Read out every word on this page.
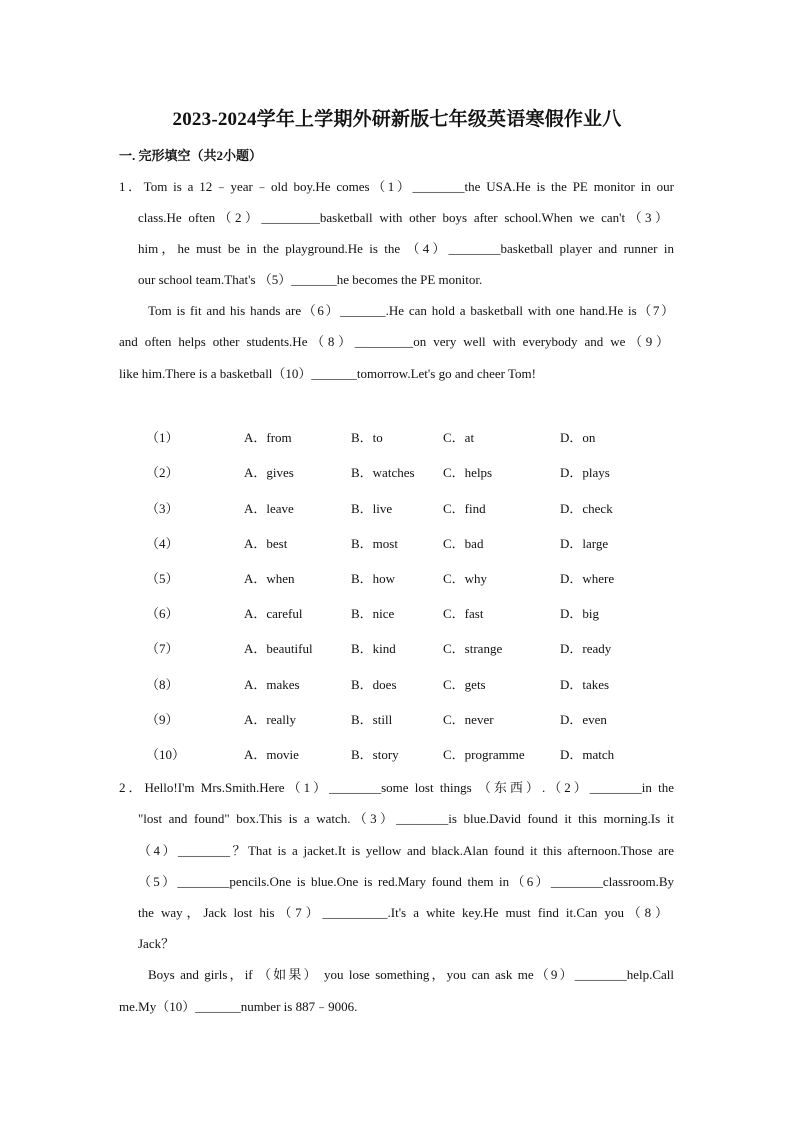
2023-2024学年上学期外研新版七年级英语寒假作业八
一. 完形填空（共2小题）
1．Tom is a 12﹣year﹣old boy.He comes（1）________the USA.He is the PE monitor in our
class.He often（2）_________basketball with other boys after school.When we can't（3）
him，he must be in the playground.He is the （4）________basketball player and runner in
our school team.That's （5）_______he becomes the PE monitor.
Tom is fit and his hands are（6）_______.He can hold a basketball with one hand.He is（7）
and often helps other students.He（8）_________on very well with everybody and we（9）
like him.There is a basketball（10）_______tomorrow.Let's go and cheer Tom!
（1）	A．from	B．to	C．at	D．on
（2）	A．gives	B．watches C．helps	D．plays
（3）	A．leave	B．live	C．find	D．check
（4）	A．best	B．most	C．bad	D．large
（5）	A．when	B．how	C．why	D．where
（6）	A．careful	B．nice	C．fast	D．big
（7）	A．beautiful	B．kind	C．strange	D．ready
（8）	A．makes	B．does	C．gets	D．takes
（9）	A．really	B．still	C．never	D．even
（10）	A．movie	B．story	C．programme	D．match
2．Hello!I'm Mrs.Smith.Here（1）________some lost things （东西）.（2）________in the
"lost and found" box.This is a watch.（3）________is blue.David found it this morning.Is it
（4）________？That is a jacket.It is yellow and black.Alan found it this afternoon.Those are
（5）________pencils.One is blue.One is red.Mary found them in（6）________classroom.By
the way，Jack lost his（7）__________.It's a white key.He must find it.Can you（8）
Jack？
Boys and girls，if （如果） you lose something，you can ask me（9）________help.Call
me.My（10）_______number is 887﹣9006.
